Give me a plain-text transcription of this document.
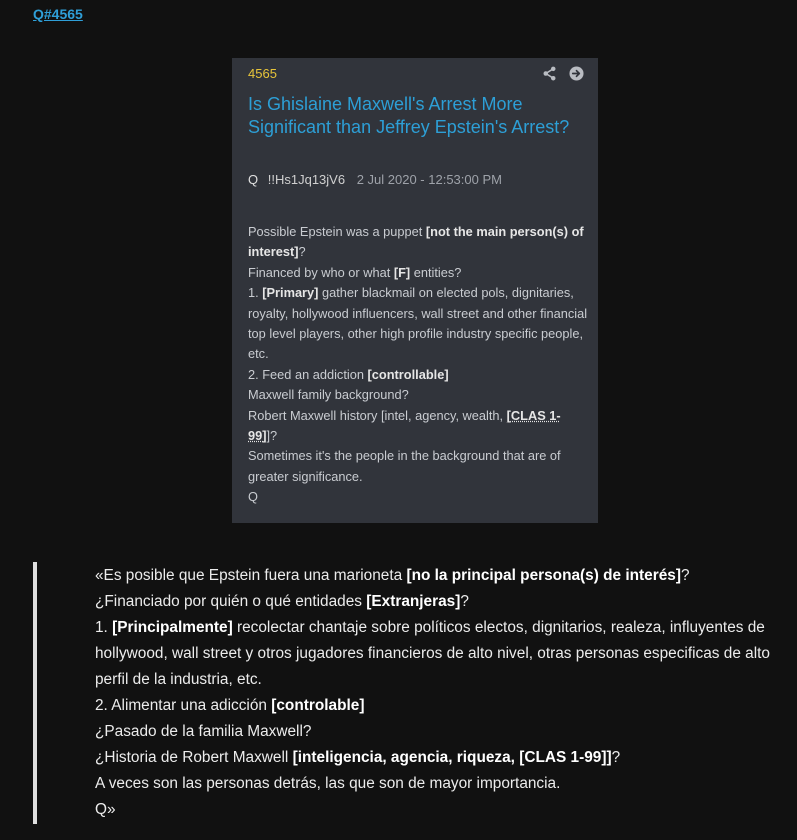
Q#4565
4565
Is Ghislaine Maxwell's Arrest More Significant than Jeffrey Epstein's Arrest?
Q !!Hs1Jq13jV6 2 Jul 2020 - 12:53:00 PM
Possible Epstein was a puppet [not the main person(s) of interest]?
Financed by who or what [F] entities?
1. [Primary] gather blackmail on elected pols, dignitaries, royalty, hollywood influencers, wall street and other financial top level players, other high profile industry specific people, etc.
2. Feed an addiction [controllable]
Maxwell family background?
Robert Maxwell history [intel, agency, wealth, [CLAS 1-99]]?
Sometimes it's the people in the background that are of greater significance.
Q
«Es posible que Epstein fuera una marioneta [no la principal persona(s) de interés]?
¿Financiado por quién o qué entidades [Extranjeras]?
1. [Principalmente] recolectar chantaje sobre políticos electos, dignitarios, realeza, influyentes de hollywood, wall street y otros jugadores financieros de alto nivel, otras personas especificas de alto perfil de la industria, etc.
2. Alimentar una adicción [controlable]
¿Pasado de la familia Maxwell?
¿Historia de Robert Maxwell [inteligencia, agencia, riqueza, [CLAS 1-99]]?
A veces son las personas detrás, las que son de mayor importancia.
Q»
